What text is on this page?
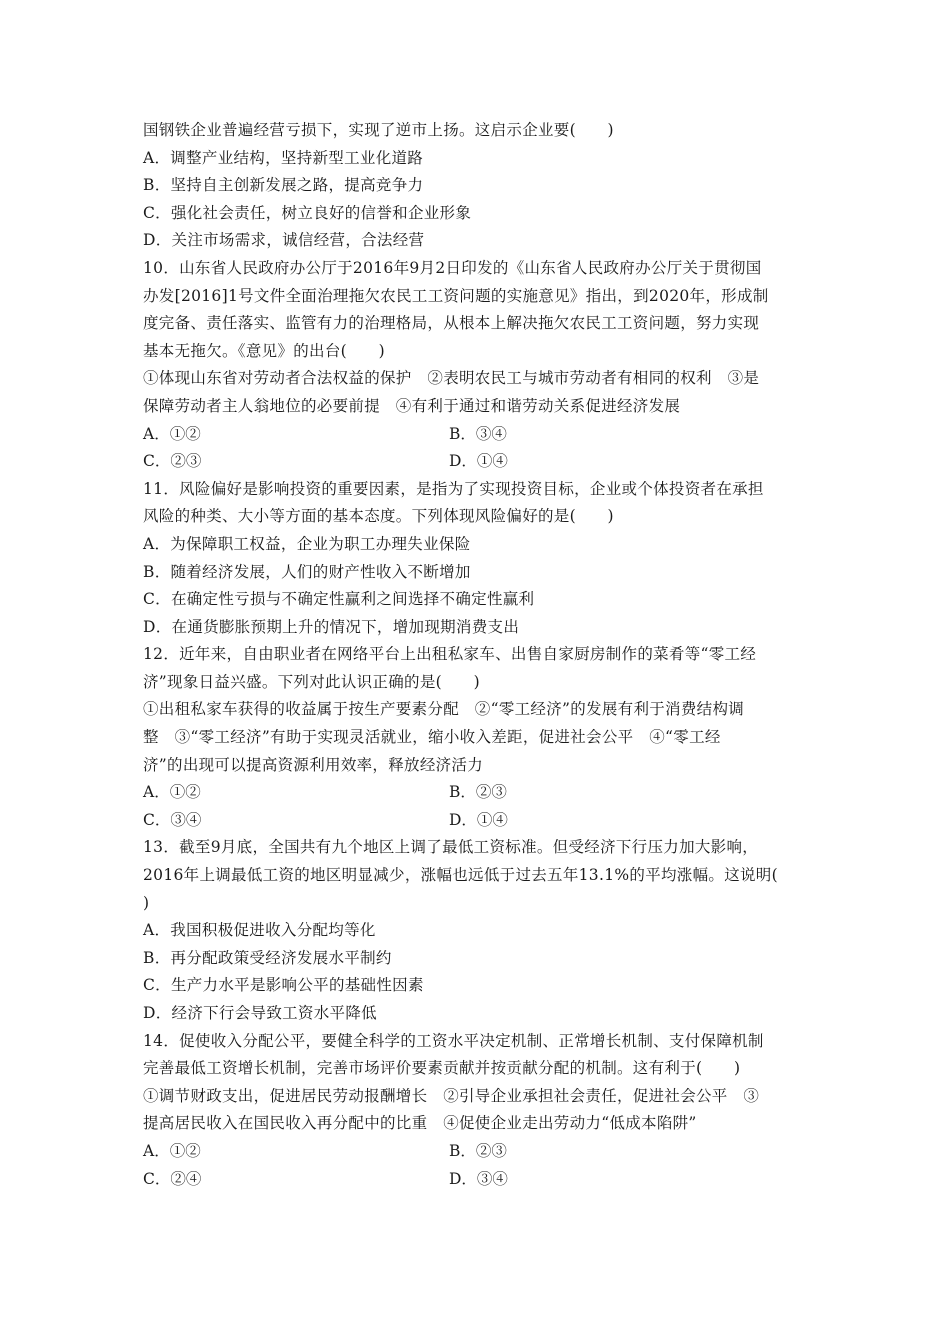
国钢铁企业普遍经营亏损下，实现了逆市上扬。这启示企业要(　　)
A．调整产业结构，坚持新型工业化道路
B．坚持自主创新发展之路，提高竞争力
C．强化社会责任，树立良好的信誉和企业形象
D．关注市场需求，诚信经营，合法经营
10．山东省人民政府办公厅于2016年9月2日印发的《山东省人民政府办公厅关于贯彻国
办发[2016]1号文件全面治理拖欠农民工工资问题的实施意见》指出，到2020年，形成制
度完备、责任落实、监管有力的治理格局，从根本上解决拖欠农民工工资问题，努力实现
基本无拖欠。《意见》的出台(　　)
①体现山东省对劳动者合法权益的保护　②表明农民工与城市劳动者有相同的权利　③是
保障劳动者主人翁地位的必要前提　④有利于通过和谐劳动关系促进经济发展
A．①②	B．③④
C．②③	D．①④
11．风险偏好是影响投资的重要因素，是指为了实现投资目标，企业或个体投资者在承担
风险的种类、大小等方面的基本态度。下列体现风险偏好的是(　　)
A．为保障职工权益，企业为职工办理失业保险
B．随着经济发展，人们的财产性收入不断增加
C．在确定性亏损与不确定性赢利之间选择不确定性赢利
D．在通货膨胀预期上升的情况下，增加现期消费支出
12．近年来，自由职业者在网络平台上出租私家车、出售自家厨房制作的菜肴等“零工经
济”现象日益兴盛。下列对此认识正确的是(　　)
①出租私家车获得的收益属于按生产要素分配　②“零工经济”的发展有利于消费结构调
整　③“零工经济”有助于实现灵活就业，缩小收入差距，促进社会公平　④“零工经
济”的出现可以提高资源利用效率，释放经济活力
A．①②	B．②③
C．③④	D．①④
13．截至9月底，全国共有九个地区上调了最低工资标准。但受经济下行压力加大影响，
2016年上调最低工资的地区明显减少，涨幅也远低于过去五年13.1%的平均涨幅。这说明(
)
A．我国积极促进收入分配均等化
B．再分配政策受经济发展水平制约
C．生产力水平是影响公平的基础性因素
D．经济下行会导致工资水平降低
14．促使收入分配公平，要健全科学的工资水平决定机制、正常增长机制、支付保障机制
完善最低工资增长机制，完善市场评价要素贡献并按贡献分配的机制。这有利于(　　)
①调节财政支出，促进居民劳动报酬增长　②引导企业承担社会责任，促进社会公平　③
提高居民收入在国民收入再分配中的比重　④促使企业走出劳动力“低成本陷阱”
A．①②	B．②③
C．②④	D．③④
